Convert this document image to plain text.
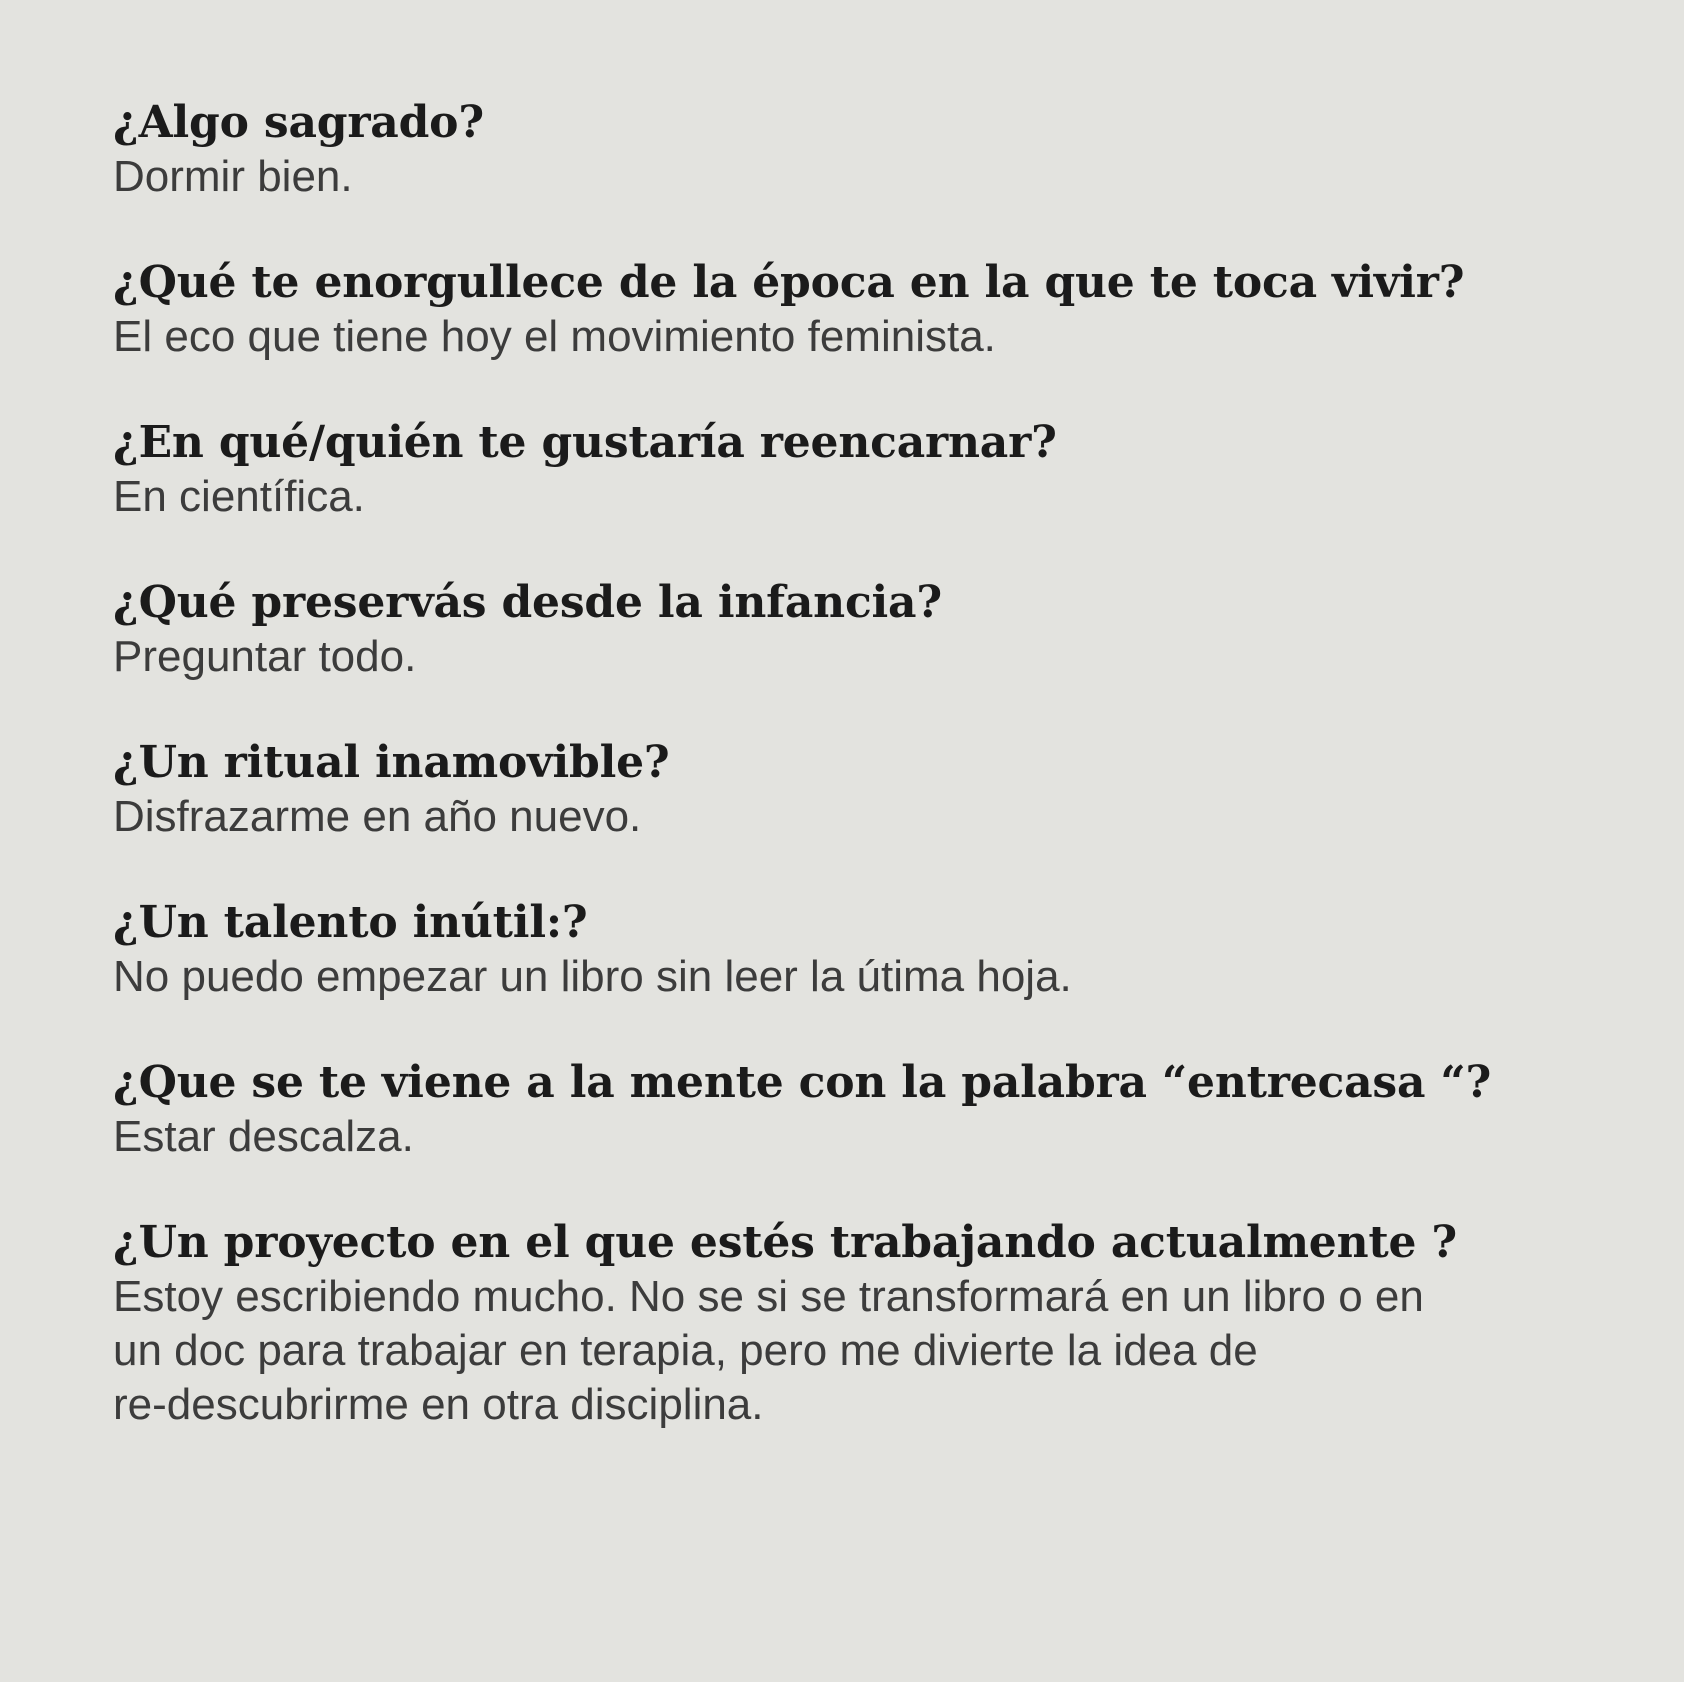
¿Algo sagrado?

Dormir bien.

¿Qué te enorgullece de la época en la que te toca vivir?

El eco que tiene hoy el movimiento feminista.

¿En qué/quién te gustaría reencarnar?

En científica.

¿Qué preservás desde la infancia?

Preguntar todo.

¿Un ritual inamovible?

Disfrazarme en año nuevo.

¿Un talento inútil:?

No puedo empezar un libro sin leer la útima hoja.

¿Que se te viene a la mente con la palabra “entrecasa “?

Estar descalza.

¿Un proyecto en el que estés trabajando actualmente ?

Estoy escribiendo mucho. No se si se transformará en un libro o en
un doc para trabajar en terapia, pero me divierte la idea de
re-descubrirme en otra disciplina.
